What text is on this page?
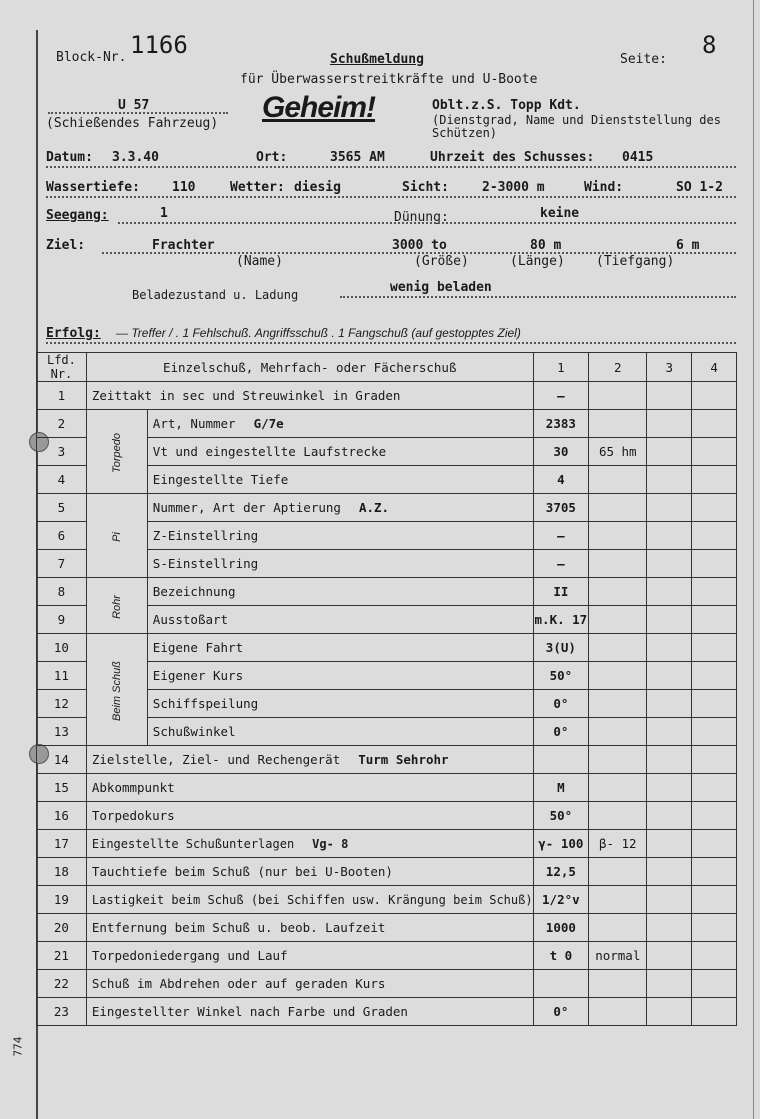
Block-Nr. 1166
Schußmeldung
für Überwasserstreitkräfte und U-Boote
Seite:
8
U 57
(Schießendes Fahrzeug) Geheim!	Oblt.z.S. Topp Kdt.
(Dienstgrad, Name und Dienststellung des Schützen)
Datum: 3.3.40	Ort:	3565 AM	Uhrzeit des Schusses: 0415
Wassertiefe: 110	Wetter: diesig	Sicht:	2-3000 m	Wind:	SO 1-2
Seegang:	1	Dünung:	keine
Ziel:	Frachter	3000 to	80 m	6 m
(Name)	(Größe)	(Länge) (Tiefgang)
Beladezustand u. Ladung	wenig beladen
Erfolg: — Treffer / . 1 Fehlschuß. Angriffsschuß . 1 Fangschuß (auf gestopptes Ziel)
774
Lfd. Nr.	Einzelschuß, Mehrfach- oder Fächerschuß		1	2	3	4
1	Zeittakt in sec und Streuwinkel in Graden		—			
2	Torpedo	Art, Nummer G/7e	2383			
3		Vt und eingestellte Laufstrecke	30	65 hm		
4		Eingestellte Tiefe	4			
5	Pi	Nummer, Art der Aptierung A.Z.	3705			
6		Z-Einstellring	—			
7		S-Einstellring	—			
8	Rohr	Bezeichnung	II			
9		Ausstoßart	m.K. 17			
10	Beim Schuß	Eigene Fahrt	3(U)			
11		Eigener Kurs	50°			
12		Schiffspeilung	0°			
13		Schußwinkel	0°			
14	Zielstelle, Ziel- und Rechengerät Turm Sehrohr					
15	Abkommpunkt		M			
16	Torpedokurs		50°			
17	Eingestellte Schußunterlagen Vg- 8		γ- 100	β- 12		
18	Tauchtiefe beim Schuß (nur bei U-Booten)		12,5			
19	Lastigkeit beim Schuß (bei Schiffen usw. Krängung beim Schuß)		1/2°v			
20	Entfernung beim Schuß u. beob. Laufzeit		1000			
21	Torpedoniedergang und Lauf		t 0	normal		
22	Schuß im Abdrehen oder auf geraden Kurs					
23	Eingestellter Winkel nach Farbe und Graden		0°			
